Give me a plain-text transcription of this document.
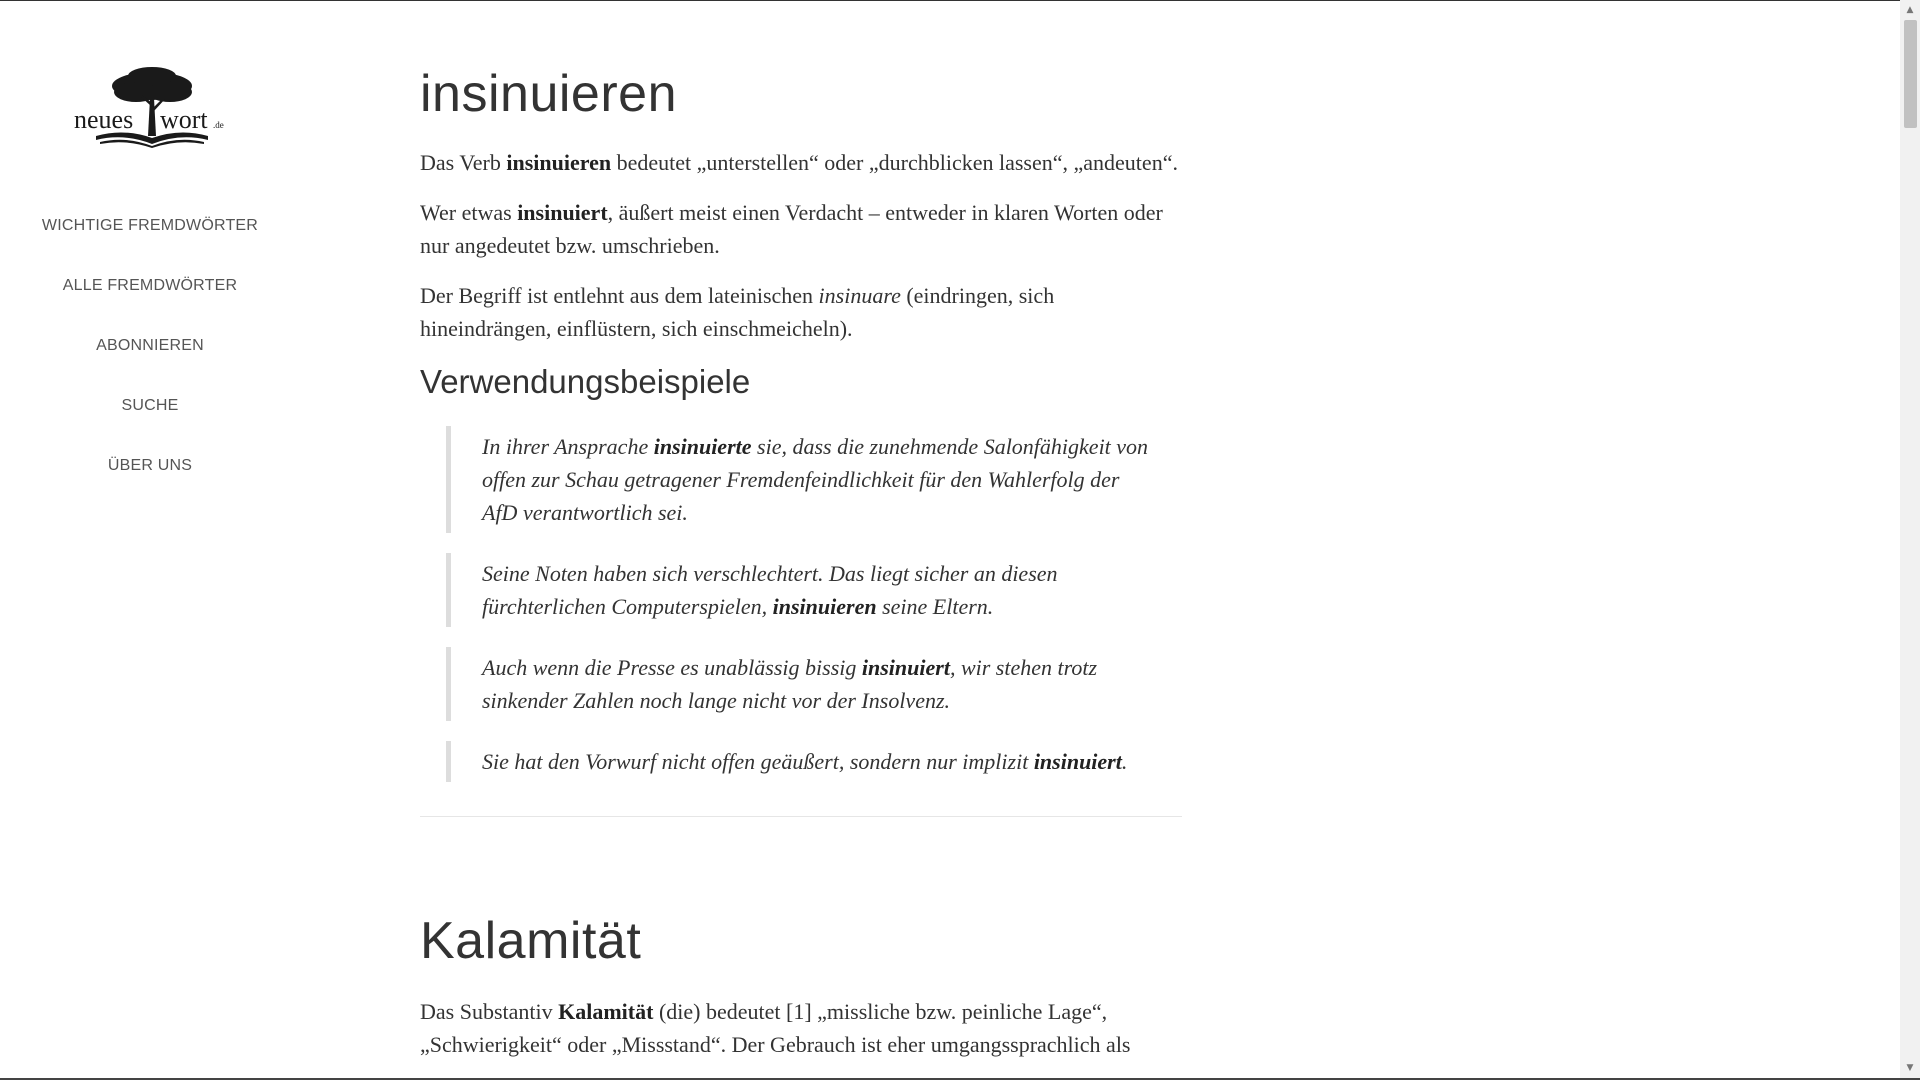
neues wort .de
WICHTIGE FREMDWÖRTER
ALLE FREMDWÖRTER
ABONNIEREN
SUCHE
ÜBER UNS
insinuieren

Das Verb insinuieren bedeutet „unterstellen“ oder „durchblicken lassen“, „andeuten“.

Wer etwas insinuiert, äußert meist einen Verdacht – entweder in klaren Worten oder nur angedeutet bzw. umschrieben.

Der Begriff ist entlehnt aus dem lateinischen insinuare (eindringen, sich hineindrängen, einflüstern, sich einschmeicheln).

Verwendungsbeispiele

In ihrer Ansprache insinuierte sie, dass die zunehmende Salonfähigkeit von offen zur Schau getragener Fremdenfeindlichkeit für den Wahlerfolg der AfD verantwortlich sei.

Seine Noten haben sich verschlechtert. Das liegt sicher an diesen fürchterlichen Computerspielen, insinuieren seine Eltern.

Auch wenn die Presse es unablässig bissig insinuiert, wir stehen trotz sinkender Zahlen noch lange nicht vor der Insolvenz.

Sie hat den Vorwurf nicht offen geäußert, sondern nur implizit insinuiert.

Kalamität

Das Substantiv Kalamität (die) bedeutet [1] „missliche bzw. peinliche Lage“, „Schwierigkeit“ oder „Missstand“. Der Gebrauch ist eher umgangssprachlich als

▲
▼
